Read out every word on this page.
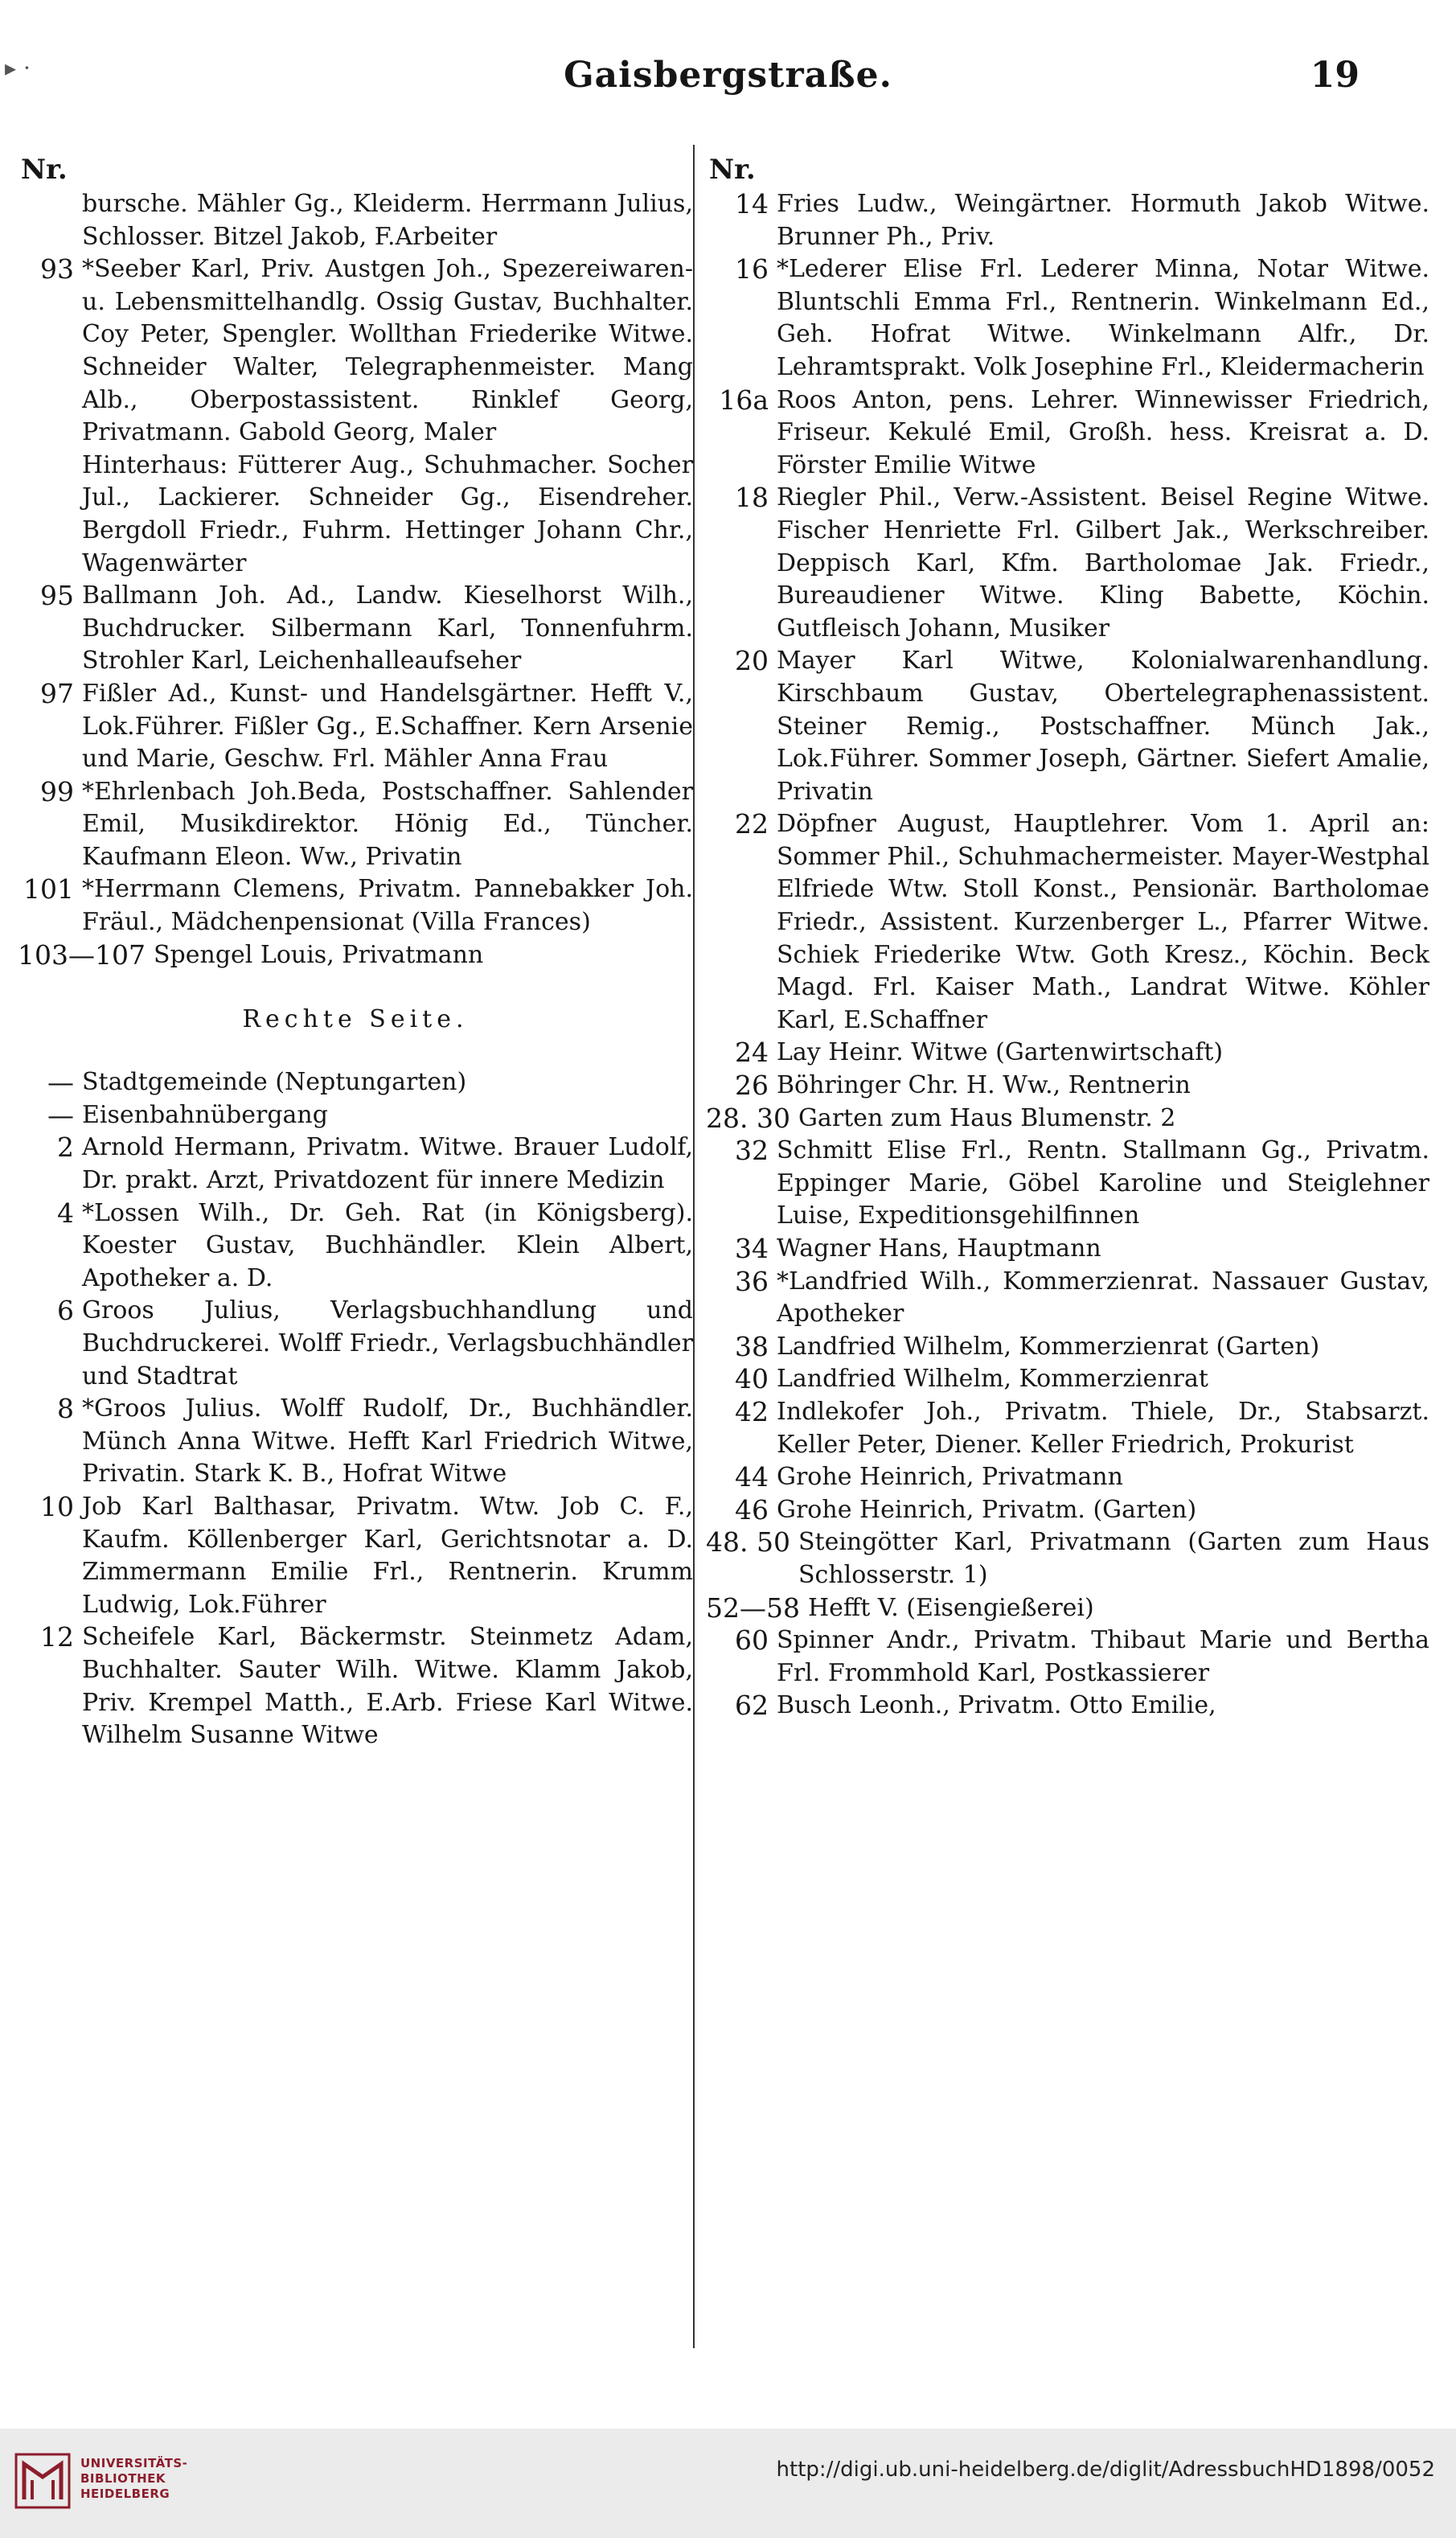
▸ ·	Gaisbergstraße.	19
Nr.
bursche. Mähler Gg., Kleiderm. Herrmann Julius, Schlosser. Bitzel Jakob, F.Arbeiter
93 *Seeber Karl, Priv. Austgen Joh., Spezereiwaren- u. Lebensmittelhandlg. Ossig Gustav, Buchhalter. Coy Peter, Spengler. Wollthan Friederike Witwe. Schneider Walter, Telegraphenmeister. Mang Alb., Oberpostassistent. Rinklef Georg, Privatmann. Gabold Georg, Maler
Hinterhaus: Fütterer Aug., Schuhmacher. Socher Jul., Lackierer. Schneider Gg., Eisendreher. Bergdoll Friedr., Fuhrm. Hettinger Johann Chr., Wagenwärter
95 Ballmann Joh. Ad., Landw. Kieselhorst Wilh., Buchdrucker. Silbermann Karl, Tonnenfuhrm. Strohler Karl, Leichenhalleaufseher
97 Fißler Ad., Kunst- und Handelsgärtner. Hefft V., Lok.Führer. Fißler Gg., E.Schaffner. Kern Arsenie und Marie, Geschw. Frl. Mähler Anna Frau
99 *Ehrlenbach Joh.Beda, Postschaffner. Sahlender Emil, Musikdirektor. Hönig Ed., Tüncher. Kaufmann Eleon. Ww., Privatin
101 *Herrmann Clemens, Privatm. Pannebakker Joh. Fräul., Mädchenpensionat (Villa Frances)
103—107 Spengel Louis, Privatmann
Rechte Seite.
— Stadtgemeinde (Neptungarten)
— Eisenbahnübergang
2 Arnold Hermann, Privatm. Witwe. Brauer Ludolf, Dr. prakt. Arzt, Privatdozent für innere Medizin
4 *Lossen Wilh., Dr. Geh. Rat (in Königsberg). Koester Gustav, Buchhändler. Klein Albert, Apotheker a. D.
6 Groos Julius, Verlagsbuchhandlung und Buchdruckerei. Wolff Friedr., Verlagsbuchhändler und Stadtrat
8 *Groos Julius. Wolff Rudolf, Dr., Buchhändler. Münch Anna Witwe. Hefft Karl Friedrich Witwe, Privatin. Stark K. B., Hofrat Witwe
10 Job Karl Balthasar, Privatm. Wtw. Job C. F., Kaufm. Köllenberger Karl, Gerichtsnotar a. D. Zimmermann Emilie Frl., Rentnerin. Krumm Ludwig, Lok.Führer
12 Scheifele Karl, Bäckermstr. Steinmetz Adam, Buchhalter. Sauter Wilh. Witwe. Klamm Jakob, Priv. Krempel Matth., E.Arb. Friese Karl Witwe. Wilhelm Susanne Witwe
Nr.
14 Fries Ludw., Weingärtner. Hormuth Jakob Witwe. Brunner Ph., Priv.
16 *Lederer Elise Frl. Lederer Minna, Notar Witwe. Bluntschli Emma Frl., Rentnerin. Winkelmann Ed., Geh. Hofrat Witwe. Winkelmann Alfr., Dr. Lehramtsprakt. Volk Josephine Frl., Kleidermacherin
16a Roos Anton, pens. Lehrer. Winnewisser Friedrich, Friseur. Kekulé Emil, Großh. hess. Kreisrat a. D. Förster Emilie Witwe
18 Riegler Phil., Verw.-Assistent. Beisel Regine Witwe. Fischer Henriette Frl. Gilbert Jak., Werkschreiber. Deppisch Karl, Kfm. Bartholomae Jak. Friedr., Bureaudiener Witwe. Kling Babette, Köchin. Gutfleisch Johann, Musiker
20 Mayer Karl Witwe, Kolonialwarenhandlung. Kirschbaum Gustav, Obertelegraphenassistent. Steiner Remig., Postschaffner. Münch Jak., Lok.Führer. Sommer Joseph, Gärtner. Siefert Amalie, Privatin
22 Döpfner August, Hauptlehrer. Vom 1. April an: Sommer Phil., Schuhmachermeister. Mayer-Westphal Elfriede Wtw. Stoll Konst., Pensionär. Bartholomae Friedr., Assistent. Kurzenberger L., Pfarrer Witwe. Schiek Friederike Wtw. Goth Kresz., Köchin. Beck Magd. Frl. Kaiser Math., Landrat Witwe. Köhler Karl, E.Schaffner
24 Lay Heinr. Witwe (Gartenwirtschaft)
26 Böhringer Chr. H. Ww., Rentnerin
28. 30 Garten zum Haus Blumenstr. 2
32 Schmitt Elise Frl., Rentn. Stallmann Gg., Privatm. Eppinger Marie, Göbel Karoline und Steiglehner Luise, Expeditionsgehilfinnen
34 Wagner Hans, Hauptmann
36 *Landfried Wilh., Kommerzienrat. Nassauer Gustav, Apotheker
38 Landfried Wilhelm, Kommerzienrat (Garten)
40 Landfried Wilhelm, Kommerzienrat
42 Indlekofer Joh., Privatm. Thiele, Dr., Stabsarzt. Keller Peter, Diener. Keller Friedrich, Prokurist
44 Grohe Heinrich, Privatmann
46 Grohe Heinrich, Privatm. (Garten)
48. 50 Steingötter Karl, Privatmann (Garten zum Haus Schlosserstr. 1)
52—58 Hefft V. (Eisengießerei)
60 Spinner Andr., Privatm. Thibaut Marie und Bertha Frl. Frommhold Karl, Postkassierer
62 Busch Leonh., Privatm. Otto Emilie,
UNIVERSITÄTS-
BIBLIOTHEK
HEIDELBERG
http://digi.ub.uni-heidelberg.de/diglit/AdressbuchHD1898/0052
